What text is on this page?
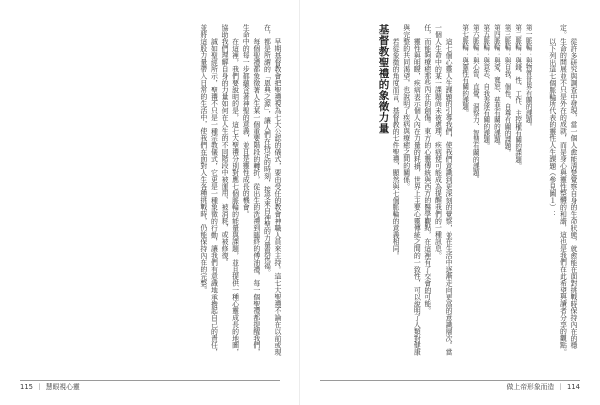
早期基督教會把聖禮視為七大公認的儀式，要由受任的教會神職人員來主持。這七大聖禮不論在以前或現在，都是所謂的「恩典之源」，讓人們在特定的時刻，接受來自神聖的力量與祝福。

每個聖禮都象徵著人生某一個重要階段的轉折，從出生的洗禮到臨終的傅油禮，每一個聖禮都提醒我們，生命中的每一步都蘊含著神聖的意義，並且是靈性成長的機會。

在這裡，我們要說明的是，這七大聖禮分別對應七個脈輪的能量與課題，並且提供一種心靈成長的地圖，協助我們理解自身的力量如何在人生的不同階段中被運用、被消耗，或被修復。

誠如聖經所示，聖禮不只是一種宗教儀式，它更是一種象徵的行動，讓我們有意識地承擔起自己的責任，並將這股力量帶入日常的生活中，使我們在面對人生各種挑戰時，仍能保持內在的完整。

115 ｜ 慧眼視心靈

從許多研究與調查中發現，當一個人愈能清楚覺察自身的生命狀態，就愈能在面對挑戰時保持內在的穩定。生命的開展並不只是外在的成就，而是身心與靈性整體的和諧，這也是我們在此希望與讀者分享的觀點。

以下列出這七個脈輪所代表的靈性人生課題（參見圖１）：

第一脈輪：與物質世界有關的課題。
第二脈輪：與錢、性、工作、主控權有關的課題。
第三脈輪：與自我、個性、自尊有關的課題。
第四脈輪：與愛、寬恕、慈悲有關的課題。
第五脈輪：與意志、自我表達有關的課題。
第六脈輪：與心智、直覺、洞察力、智慧有關的課題。
第七脈輪：與靈性有關的課題。

這七個心靈人生課題的引導我們，使我們意識到更深刻的覺察，並在生活中逐漸走向更高的意識層次。當一個人生命中的某一課題尚未被處理，疾病便可能成為提醒我們的一種訊息。

任，而能夠療癒那些內在的創傷。東方的心靈傳統與西方的醫學觀點，在這裡有了交會的可能。

靈性與明瞭，疾病表示個人內在力量的耗損，世界上主要心靈傳統之間的一致性，可以說明了人類對健康與完整的共同渴望，也說明了疾病與療癒之間的關係。

若從象徵的角度而言，基督教的七件聖禮，顯然與七個脈輪的意義相同。

基督教聖禮的象徵力量

做上帝形象而造 ｜ 114
